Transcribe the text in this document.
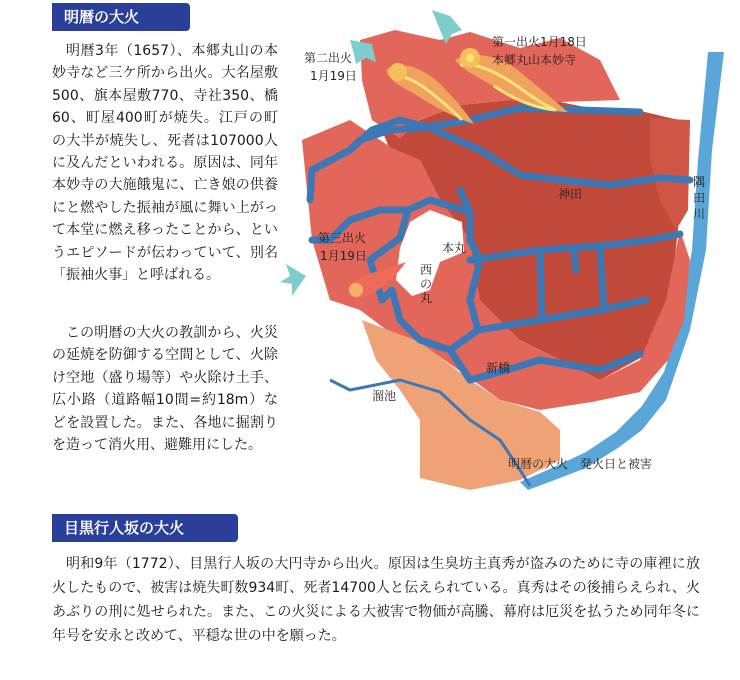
明暦の大火

明暦3年（1657）、本郷丸山の本妙寺など三ケ所から出火。大名屋敷500、旗本屋敷770、寺社350、橋60、町屋400町が焼失。江戸の町の大半が焼失し、死者は107000人に及んだといわれる。原因は、同年本妙寺の大施餓鬼に、亡き娘の供養にと燃やした振袖が風に舞い上がって本堂に燃え移ったことから、というエピソードが伝わっていて、別名「振袖火事」と呼ばれる。

この明暦の大火の教訓から、火災の延焼を防御する空間として、火除け空地（盛り場等）や火除け土手、広小路（道路幅10間=約18m）などを設置した。また、各地に掘割りを造って消火用、避難用にした。

第一出火1月18日
本郷丸山本妙寺
第二出火
1月19日
第三出火
1月19日
神田
隅
田
川
本丸
西
の
丸
新橋
溜池
明暦の大火　発火日と被害
目黒行人坂の大火

明和9年（1772）、目黒行人坂の大円寺から出火。原因は生臭坊主真秀が盗みのために寺の庫裡に放火したもので、被害は焼失町数934町、死者14700人と伝えられている。真秀はその後捕らえられ、火あぶりの刑に処せられた。また、この火災による大被害で物価が高騰、幕府は厄災を払うため同年冬に年号を安永と改めて、平穏な世の中を願った。
